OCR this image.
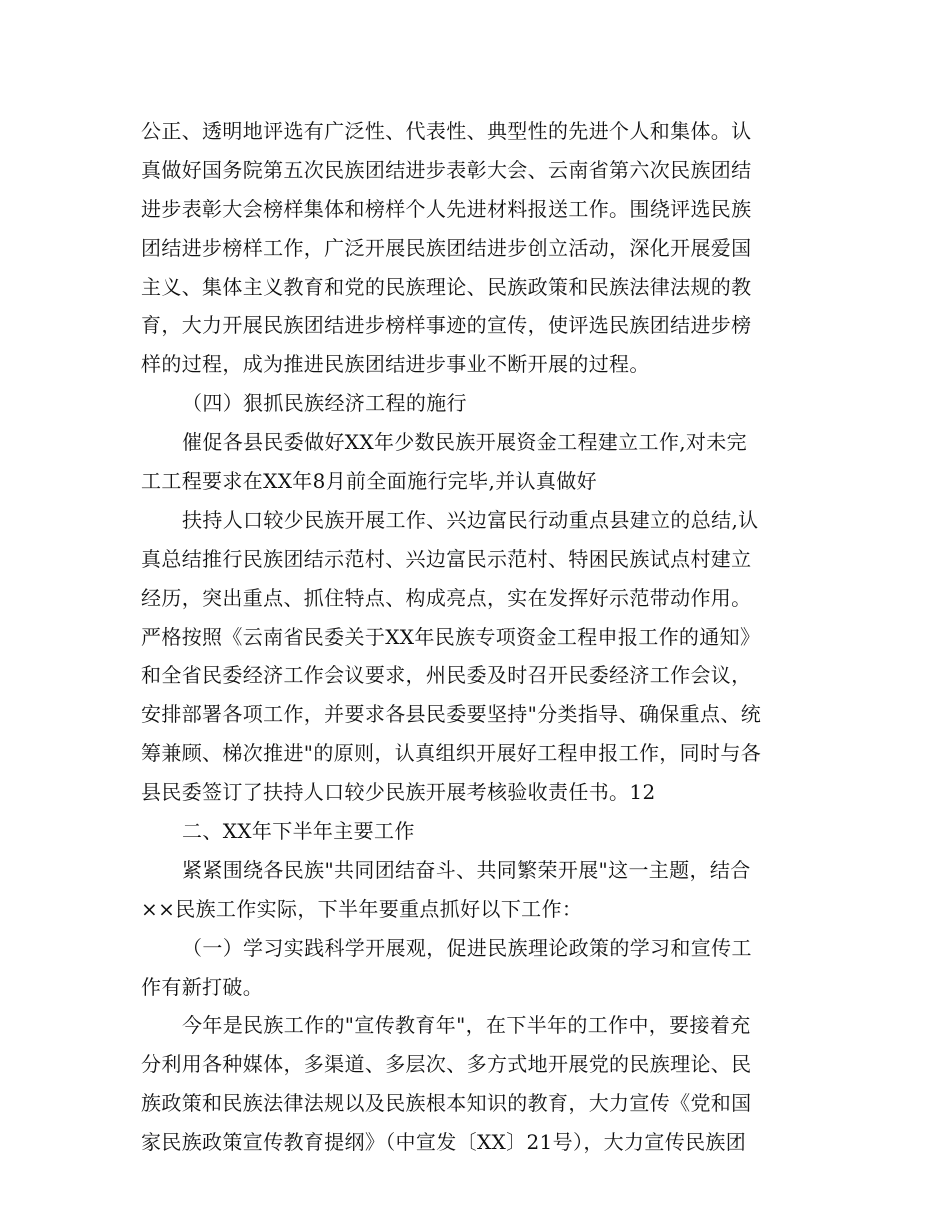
公正、透明地评选有广泛性、代表性、典型性的先进个人和集体。认
真做好国务院第五次民族团结进步表彰大会、云南省第六次民族团结
进步表彰大会榜样集体和榜样个人先进材料报送工作。围绕评选民族
团结进步榜样工作，广泛开展民族团结进步创立活动，深化开展爱国
主义、集体主义教育和党的民族理论、民族政策和民族法律法规的教
育，大力开展民族团结进步榜样事迹的宣传，使评选民族团结进步榜
样的过程，成为推进民族团结进步事业不断开展的过程。
（四）狠抓民族经济工程的施行
催促各县民委做好XX年少数民族开展资金工程建立工作,对未完
工工程要求在XX年8月前全面施行完毕,并认真做好
扶持人口较少民族开展工作、兴边富民行动重点县建立的总结,认
真总结推行民族团结示范村、兴边富民示范村、特困民族试点村建立
经历，突出重点、抓住特点、构成亮点，实在发挥好示范带动作用。
严格按照《云南省民委关于XX年民族专项资金工程申报工作的通知》
和全省民委经济工作会议要求，州民委及时召开民委经济工作会议，
安排部署各项工作，并要求各县民委要坚持"分类指导、确保重点、统
筹兼顾、梯次推进"的原则，认真组织开展好工程申报工作，同时与各
县民委签订了扶持人口较少民族开展考核验收责任书。12
二、XX年下半年主要工作
紧紧围绕各民族"共同团结奋斗、共同繁荣开展"这一主题，结合
××民族工作实际，下半年要重点抓好以下工作：
（一）学习实践科学开展观，促进民族理论政策的学习和宣传工
作有新打破。
今年是民族工作的"宣传教育年"，在下半年的工作中，要接着充
分利用各种媒体，多渠道、多层次、多方式地开展党的民族理论、民
族政策和民族法律法规以及民族根本知识的教育，大力宣传《党和国
家民族政策宣传教育提纲》（中宣发〔XX〕21号），大力宣传民族团
